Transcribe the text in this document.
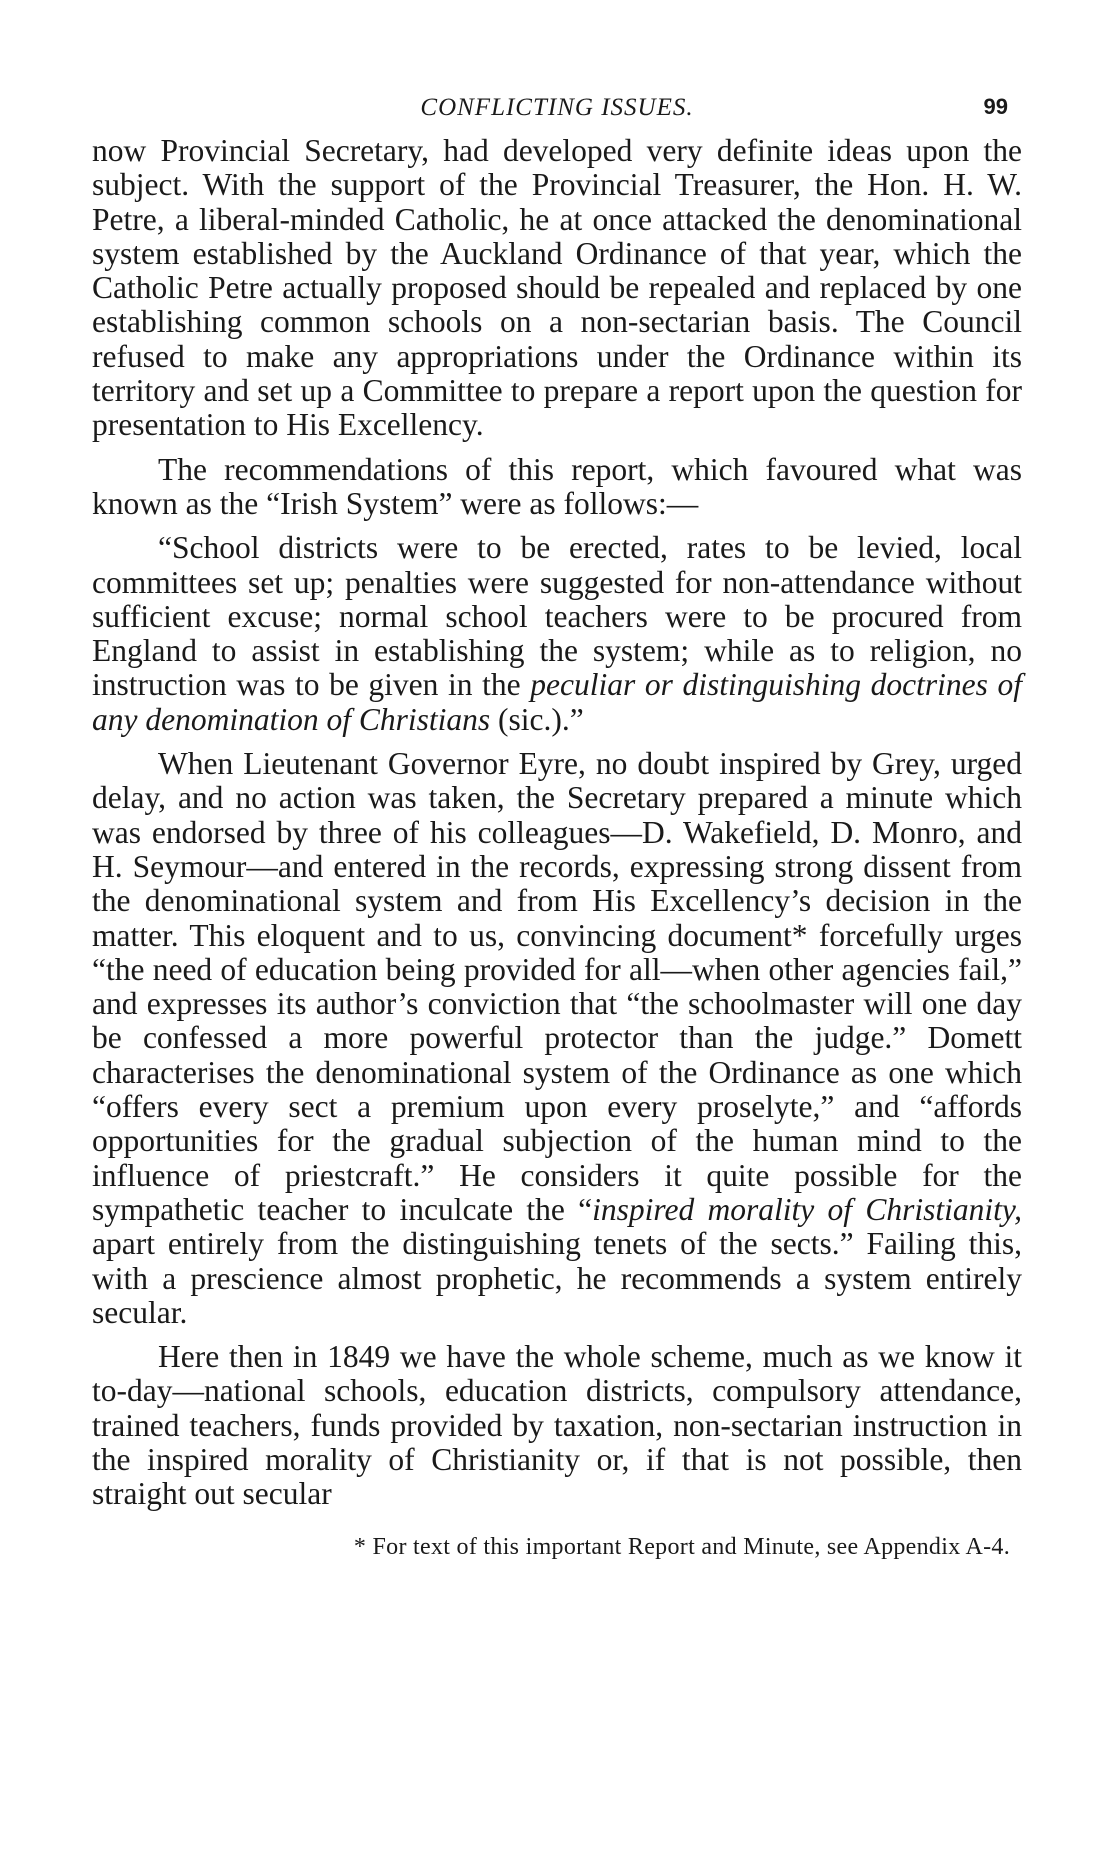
CONFLICTING ISSUES.	99

now Provincial Secretary, had developed very definite ideas upon the subject. With the support of the Provincial Treasurer, the Hon. H. W. Petre, a liberal-minded Catholic, he at once attacked the denominational system established by the Auckland Ordinance of that year, which the Catholic Petre actually proposed should be repealed and replaced by one establishing common schools on a non-sectarian basis. The Council refused to make any appropriations under the Ordinance within its territory and set up a Committee to prepare a report upon the question for presentation to His Excellency.

The recommendations of this report, which favoured what was known as the “Irish System” were as follows:—

“School districts were to be erected, rates to be levied, local committees set up; penalties were suggested for non-attendance without sufficient excuse; normal school teachers were to be procured from England to assist in establishing the system; while as to religion, no instruction was to be given in the peculiar or distinguishing doctrines of any denomination of Christians (sic.).”

When Lieutenant Governor Eyre, no doubt inspired by Grey, urged delay, and no action was taken, the Secretary prepared a minute which was endorsed by three of his colleagues—D. Wakefield, D. Monro, and H. Seymour—and entered in the records, expressing strong dissent from the denominational system and from His Excellency’s decision in the matter. This eloquent and to us, convincing document* forcefully urges “the need of education being provided for all—when other agencies fail,” and expresses its author’s conviction that “the schoolmaster will one day be confessed a more powerful protector than the judge.” Domett characterises the denominational system of the Ordinance as one which “offers every sect a premium upon every proselyte,” and “affords opportunities for the gradual subjection of the human mind to the influence of priestcraft.” He considers it quite possible for the sympathetic teacher to inculcate the “inspired morality of Christianity, apart entirely from the distinguishing tenets of the sects.” Failing this, with a prescience almost prophetic, he recommends a system entirely secular.

Here then in 1849 we have the whole scheme, much as we know it to-day—national schools, education districts, compulsory attendance, trained teachers, funds provided by taxation, non-sectarian instruction in the inspired morality of Christianity or, if that is not possible, then straight out secular

* For text of this important Report and Minute, see Appendix A-4.
